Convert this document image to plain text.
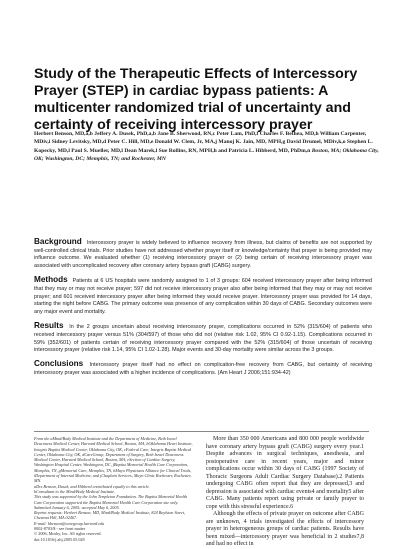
Study of the Therapeutic Effects of Intercessory Prayer (STEP) in cardiac bypass patients: A multicenter randomized trial of uncertainty and certainty of receiving intercessory prayer
Herbert Benson, MD,a,b Jeffery A. Dusek, PhD,a,b Jane B. Sherwood, RN,c Peter Lam, PhD,f Charles F. Bethea, MD,h William Carpenter, MDiv,i Sidney Levitsky, MD,d Peter C. Hill, MD,e Donald W. Clem, Jr, MA,j Manoj K. Jain, MD, MPH,g David Drumel, MDiv,k,o Stephen L. Kopecky, MD,l Paul S. Mueller, MD,l Dean Marek,l Sue Rollins, RN, MPH,h and Patricia L. Hibberd, MD, PhDm,n Boston, MA; Oklahoma City, OK; Washington, DC; Memphis, TN; and Rochester, MN
Background Intercessory prayer is widely believed to influence recovery from illness, but claims of benefits are not supported by well-controlled clinical trials. Prior studies have not addressed whether prayer itself or knowledge/certainty that prayer is being provided may influence outcome. We evaluated whether (1) receiving intercessory prayer or (2) being certain of receiving intercessory prayer was associated with uncomplicated recovery after coronary artery bypass graft (CABG) surgery.
Methods Patients at 6 US hospitals were randomly assigned to 1 of 3 groups: 604 received intercessory prayer after being informed that they may or may not receive prayer; 597 did not receive intercessory prayer also after being informed that they may or may not receive prayer; and 601 received intercessory prayer after being informed they would receive prayer. Intercessory prayer was provided for 14 days, starting the night before CABG. The primary outcome was presence of any complication within 30 days of CABG. Secondary outcomes were any major event and mortality.
Results In the 2 groups uncertain about receiving intercessory prayer, complications occurred in 52% (315/604) of patients who received intercessory prayer versus 51% (304/597) of those who did not (relative risk 1.02, 95% CI 0.92-1.15). Complications occurred in 59% (352/601) of patients certain of receiving intercessory prayer compared with the 52% (315/604) of those uncertain of receiving intercessory prayer (relative risk 1.14, 95% CI 1.02-1.28). Major events and 30-day mortality were similar across the 3 groups.
Conclusions Intercessory prayer itself had no effect on complication-free recovery from CABG, but certainty of receiving intercessory prayer was associated with a higher incidence of complications. (Am Heart J 2006;151:934-42)
From the aMind/Body Medical Institute and the Department of Medicine, Beth Israel Deaconess Medical Center, Harvard Medical School, Boston, MA, bOklahoma Heart Institute, Integris Baptist Medical Center, Oklahoma City, OK, cFederal Care, Integris Baptist Medical Center, Oklahoma City, OK, dCareGroup, Department of Surgery, Beth Israel Deaconess Medical Center, Harvard Medical School, Boston, MA, eSection of Cardiac Surgery, Washington Hospital Center, Washington, DC, fBaptist Memorial Health Care Corporation, Memphis, TN, gMemorial Care, Memphis, TN, hMayo Physicians Alliance for Clinical Trials, iDepartment of Internal Medicine, and jChaplain Services, Mayo Clinic Rochester, Rochester, MN.
aDrs Benson, Dusek, and Hibberd contributed equally to this article.
bConsultant to the Mind/Body Medical Institute.
This study was supported by the John Templeton Foundation. The Baptist Memorial Health Care Corporation supported the Baptist Memorial Health Care Corporation site only.
Submitted January 6, 2005; accepted May 6, 2005.
Reprint requests: Herbert Benson, MD, Mind/Body Medical Institute, 824 Boylston Street, Chestnut Hill, MA 02467.
E-mail: hbenson@caregroup.harvard.edu
0002-8703/$ - see front matter
© 2006, Mosby, Inc. All rights reserved.
doi:10.1016/j.ahj.2005.05.028

More than 350 000 Americans and 800 000 people worldwide have coronary artery bypass graft (CABG) surgery every year.1 Despite advances in surgical techniques, anesthesia, and postoperative care in recent years, major and minor complications occur within 30 days of CABG (1997 Society of Thoracic Surgeons Adult Cardiac Surgery Database).2 Patients undergoing CABG often report that they are depressed,3 and depression is associated with cardiac events4 and mortality5 after CABG. Many patients report using private or family prayer to cope with this stressful experience.6

Although the effects of private prayer on outcome after CABG are unknown, 4 trials investigated the effects of intercessory prayer in heterogeneous groups of cardiac patients. Results have been mixed—intercessory prayer was beneficial in 2 studies7,8 and had no effect in
